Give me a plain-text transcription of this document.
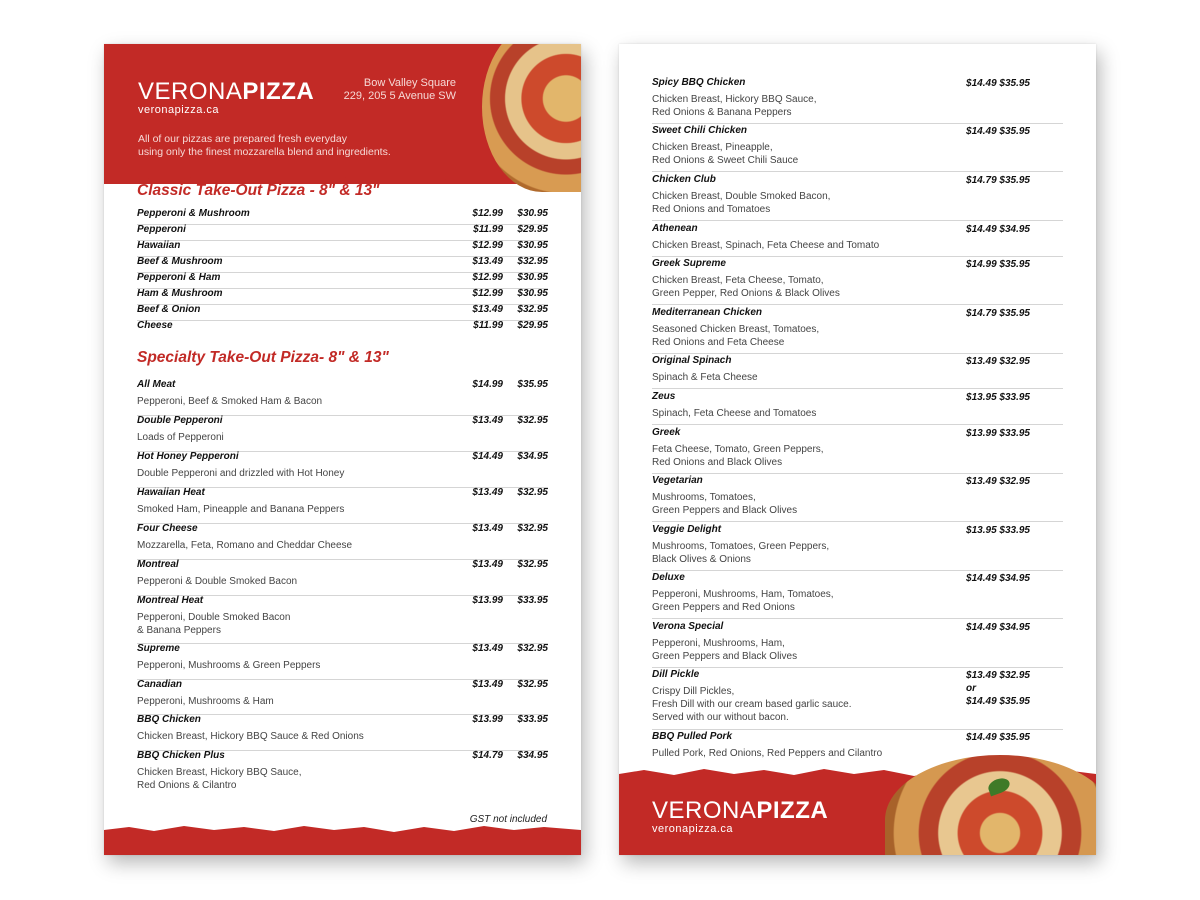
VERONAPIZZA
veronapizza.ca
Bow Valley Square
229, 205 5 Avenue SW
All of our pizzas are prepared fresh everyday
using only the finest mozzarella blend and ingredients.
Classic Take-Out Pizza - 8" & 13"
Pepperoni & Mushroom	$12.99 $30.95
Pepperoni	$11.99 $29.95
Hawaiian	$12.99 $30.95
Beef & Mushroom	$13.49 $32.95
Pepperoni & Ham	$12.99 $30.95
Ham & Mushroom	$12.99 $30.95
Beef & Onion	$13.49 $32.95
Cheese	$11.99 $29.95
Specialty Take-Out Pizza- 8" & 13"
All Meat	$14.99 $35.95
Pepperoni, Beef & Smoked Ham & Bacon
Double Pepperoni	$13.49 $32.95
Loads of Pepperoni
Hot Honey Pepperoni	$14.49 $34.95
Double Pepperoni and drizzled with Hot Honey
Hawaiian Heat	$13.49 $32.95
Smoked Ham, Pineapple and Banana Peppers
Four Cheese	$13.49 $32.95
Mozzarella, Feta, Romano and Cheddar Cheese
Montreal	$13.49 $32.95
Pepperoni & Double Smoked Bacon
Montreal Heat	$13.99 $33.95
Pepperoni, Double Smoked Bacon
& Banana Peppers
Supreme	$13.49 $32.95
Pepperoni, Mushrooms & Green Peppers
Canadian	$13.49 $32.95
Pepperoni, Mushrooms & Ham
BBQ Chicken	$13.99 $33.95
Chicken Breast, Hickory BBQ Sauce & Red Onions
BBQ Chicken Plus	$14.79 $34.95
Chicken Breast, Hickory BBQ Sauce,
Red Onions & Cilantro
GST not included
Spicy BBQ Chicken	$14.49 $35.95
Chicken Breast, Hickory BBQ Sauce,
Red Onions & Banana Peppers
Sweet Chili Chicken	$14.49 $35.95
Chicken Breast, Pineapple,
Red Onions & Sweet Chili Sauce
Chicken Club	$14.79 $35.95
Chicken Breast, Double Smoked Bacon,
Red Onions and Tomatoes
Athenean	$14.49 $34.95
Chicken Breast, Spinach, Feta Cheese and Tomato
Greek Supreme	$14.99 $35.95
Chicken Breast, Feta Cheese, Tomato,
Green Pepper, Red Onions & Black Olives
Mediterranean Chicken	$14.79 $35.95
Seasoned Chicken Breast, Tomatoes,
Red Onions and Feta Cheese
Original Spinach	$13.49 $32.95
Spinach & Feta Cheese
Zeus	$13.95 $33.95
Spinach, Feta Cheese and Tomatoes
Greek	$13.99 $33.95
Feta Cheese, Tomato, Green Peppers,
Red Onions and Black Olives
Vegetarian	$13.49 $32.95
Mushrooms, Tomatoes,
Green Peppers and Black Olives
Veggie Delight	$13.95 $33.95
Mushrooms, Tomatoes, Green Peppers,
Black Olives & Onions
Deluxe	$14.49 $34.95
Pepperoni, Mushrooms, Ham, Tomatoes,
Green Peppers and Red Onions
Verona Special	$14.49 $34.95
Pepperoni, Mushrooms, Ham,
Green Peppers and Black Olives
Dill Pickle	$13.49 $32.95
or
$14.49 $35.95
Crispy Dill Pickles,
Fresh Dill with our cream based garlic sauce.
Served with our without bacon.
BBQ Pulled Pork	$14.49 $35.95
Pulled Pork, Red Onions, Red Peppers and Cilantro
VERONAPIZZA
veronapizza.ca
